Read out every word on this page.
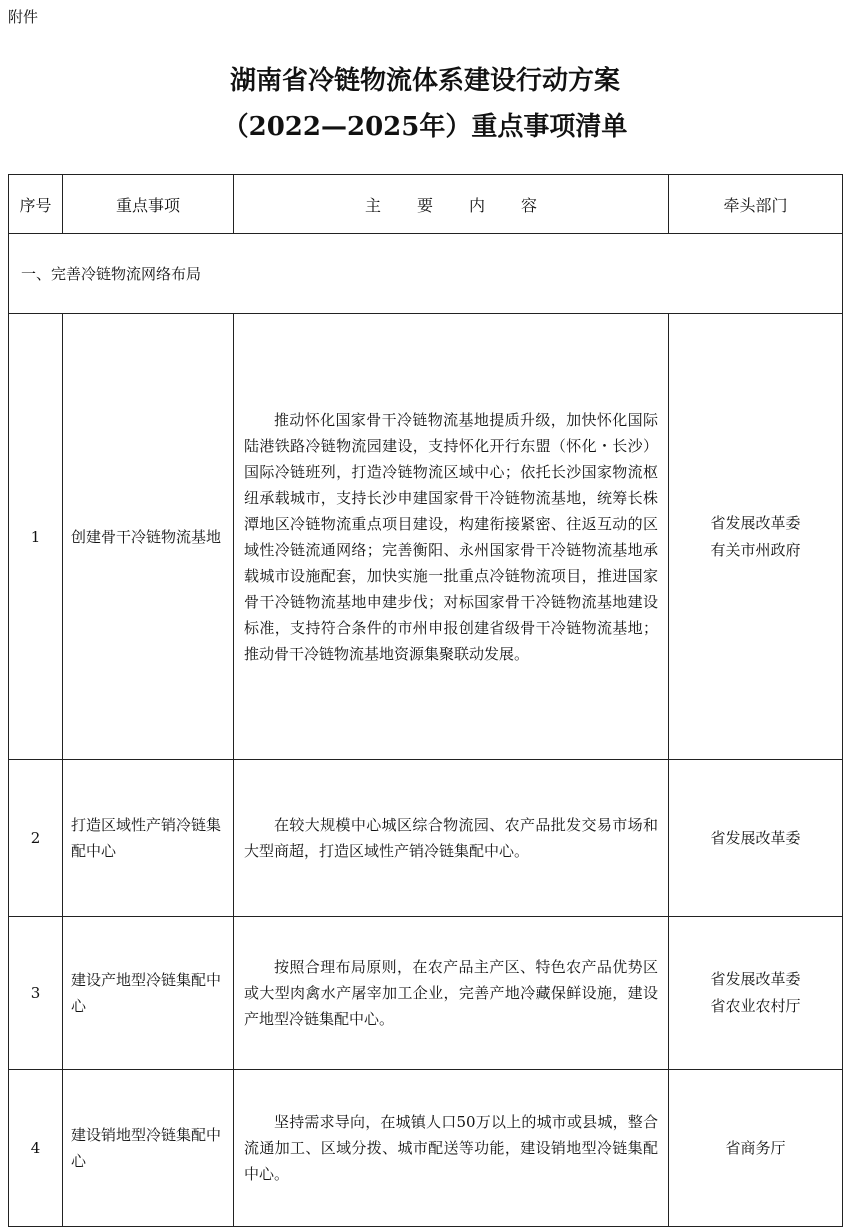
附件
湖南省冷链物流体系建设行动方案
（2022—2025年）重点事项清单
序号	重点事项	主要内容	牵头部门
一、完善冷链物流网络布局			
1	创建骨干冷链物流基地	推动怀化国家骨干冷链物流基地提质升级，加快怀化国际陆港铁路冷链物流园建设，支持怀化开行东盟（怀化・长沙）国际冷链班列，打造冷链物流区域中心；依托长沙国家物流枢纽承载城市，支持长沙申建国家骨干冷链物流基地，统筹长株潭地区冷链物流重点项目建设，构建衔接紧密、往返互动的区域性冷链流通网络；完善衡阳、永州国家骨干冷链物流基地承载城市设施配套，加快实施一批重点冷链物流项目，推进国家骨干冷链物流基地申建步伐；对标国家骨干冷链物流基地建设标准，支持符合条件的市州申报创建省级骨干冷链物流基地；推动骨干冷链物流基地资源集聚联动发展。	省发展改革委
有关市州政府

2	打造区域性产销冷链集配中心	在较大规模中心城区综合物流园、农产品批发交易市场和大型商超，打造区域性产销冷链集配中心。	省发展改革委

3	建设产地型冷链集配中心	按照合理布局原则，在农产品主产区、特色农产品优势区或大型肉禽水产屠宰加工企业，完善产地冷藏保鲜设施，建设产地型冷链集配中心。	省发展改革委
省农业农村厅

4	建设销地型冷链集配中心	坚持需求导向，在城镇人口50万以上的城市或县城，整合流通加工、区域分拨、城市配送等功能，建设销地型冷链集配中心。	省商务厅
